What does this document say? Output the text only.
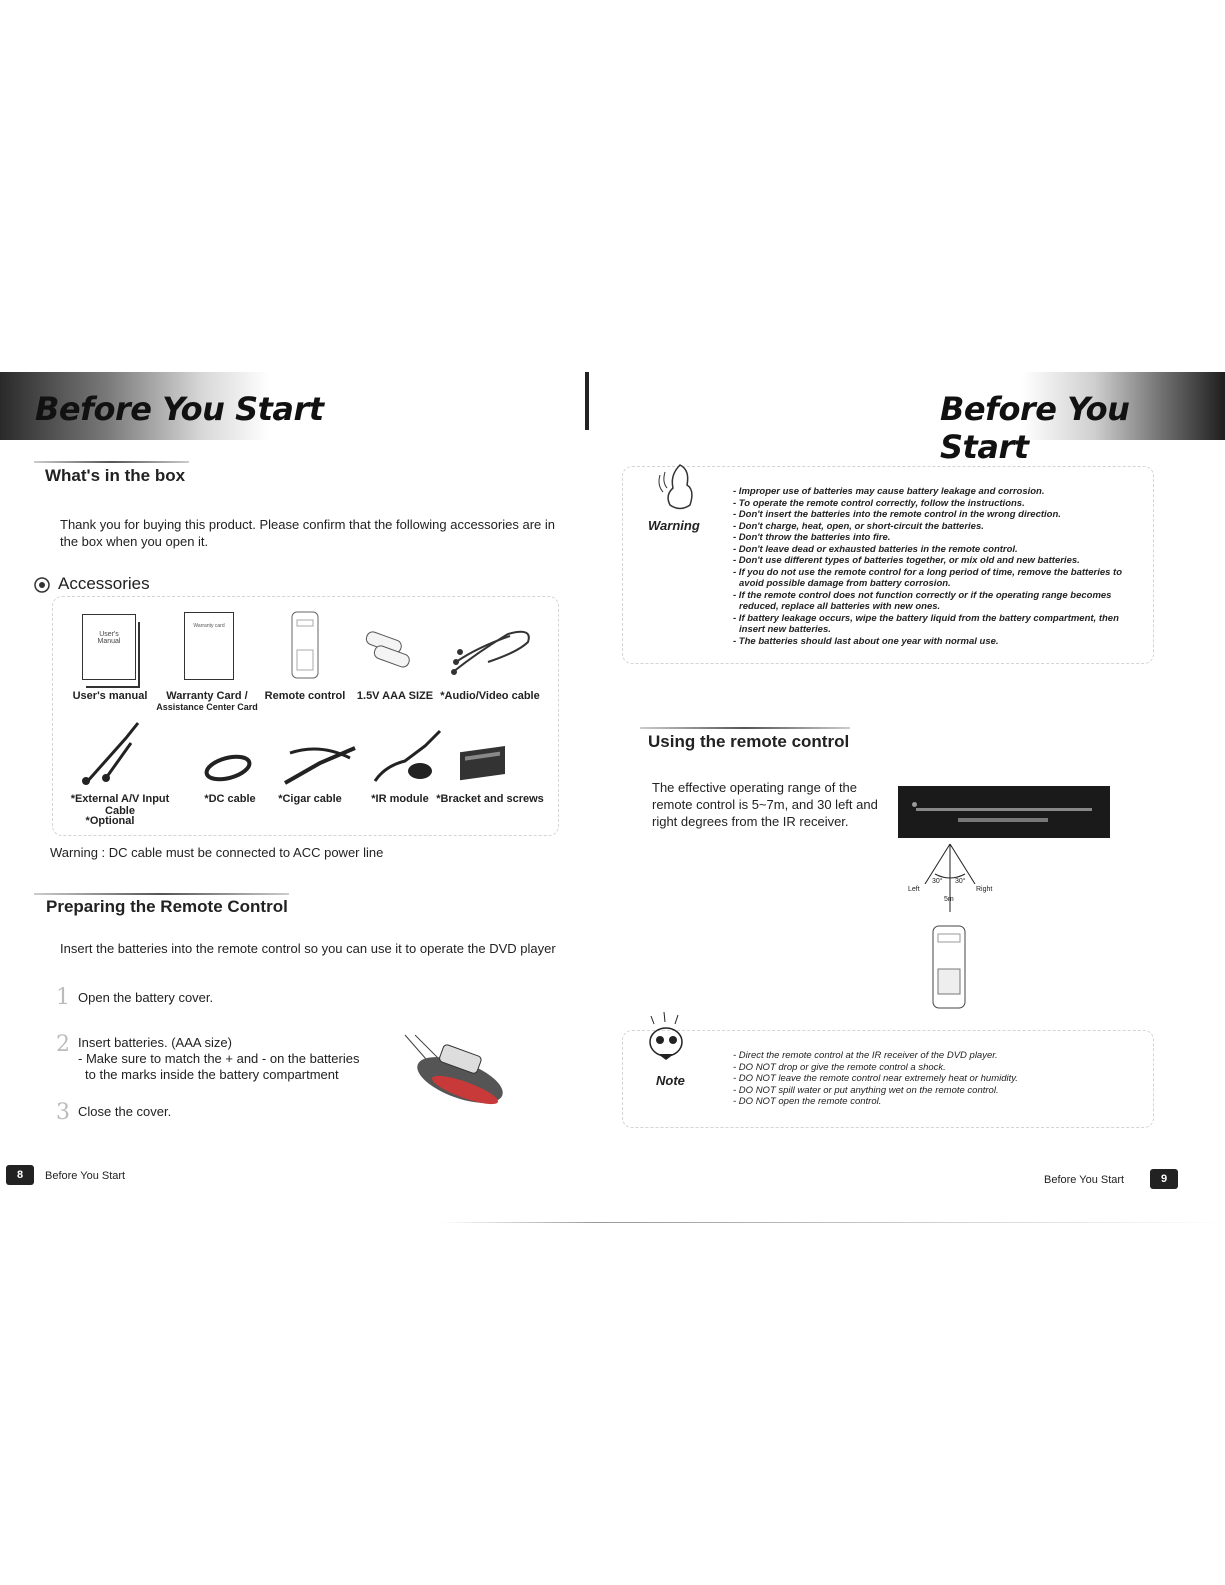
Before You Start
What's in the box
Thank you for buying this product. Please confirm that the following accessories are in
the box when you open it.
Accessories
User's Manual
Warranty card
User's manual	Warranty Card /
Assistance Center Card
Remote control	1.5V AAA SIZE *Audio/Video cable
*External A/V Input Cable
*DC cable	*Cigar cable	*IR module *Bracket and screws
*Optional
Warning : DC cable must be connected to ACC power line
Preparing the Remote Control
Insert the batteries into the remote control so you can use it to operate the DVD player
1 Open the battery cover.
2 Insert batteries. (AAA size)
- Make sure to match the + and - on the batteries
to the marks inside the battery compartment
3 Close the cover.
8	Before You Start
Before You Start
Warning
- Improper use of batteries may cause battery leakage and corrosion.
- To operate the remote control correctly, follow the instructions.
- Don't insert the batteries into the remote control in the wrong direction.
- Don't charge, heat, open, or short-circuit the batteries.
- Don't throw the batteries into fire.
- Don't leave dead or exhausted batteries in the remote control.
- Don't use different types of batteries together, or mix old and new batteries.
- If you do not use the remote control for a long period of time, remove the batteries to
avoid possible damage from battery corrosion.
- If the remote control does not function correctly or if the operating range becomes
reduced, replace all batteries with new ones.
- If battery leakage occurs, wipe the battery liquid from the battery compartment, then
insert new batteries.
- The batteries should last about one year with normal use.
Using the remote control
The effective operating range of the
remote control is 5~7m, and 30 left and
right degrees from the IR receiver.
Left	Right
30° 30°
5m
Note
- Direct the remote control at the IR receiver of the DVD player.
- DO NOT drop or give the remote control a shock.
- DO NOT leave the remote control near extremely heat or humidity.
- DO NOT spill water or put anything wet on the remote control.
- DO NOT open the remote control.
Before You Start	9
